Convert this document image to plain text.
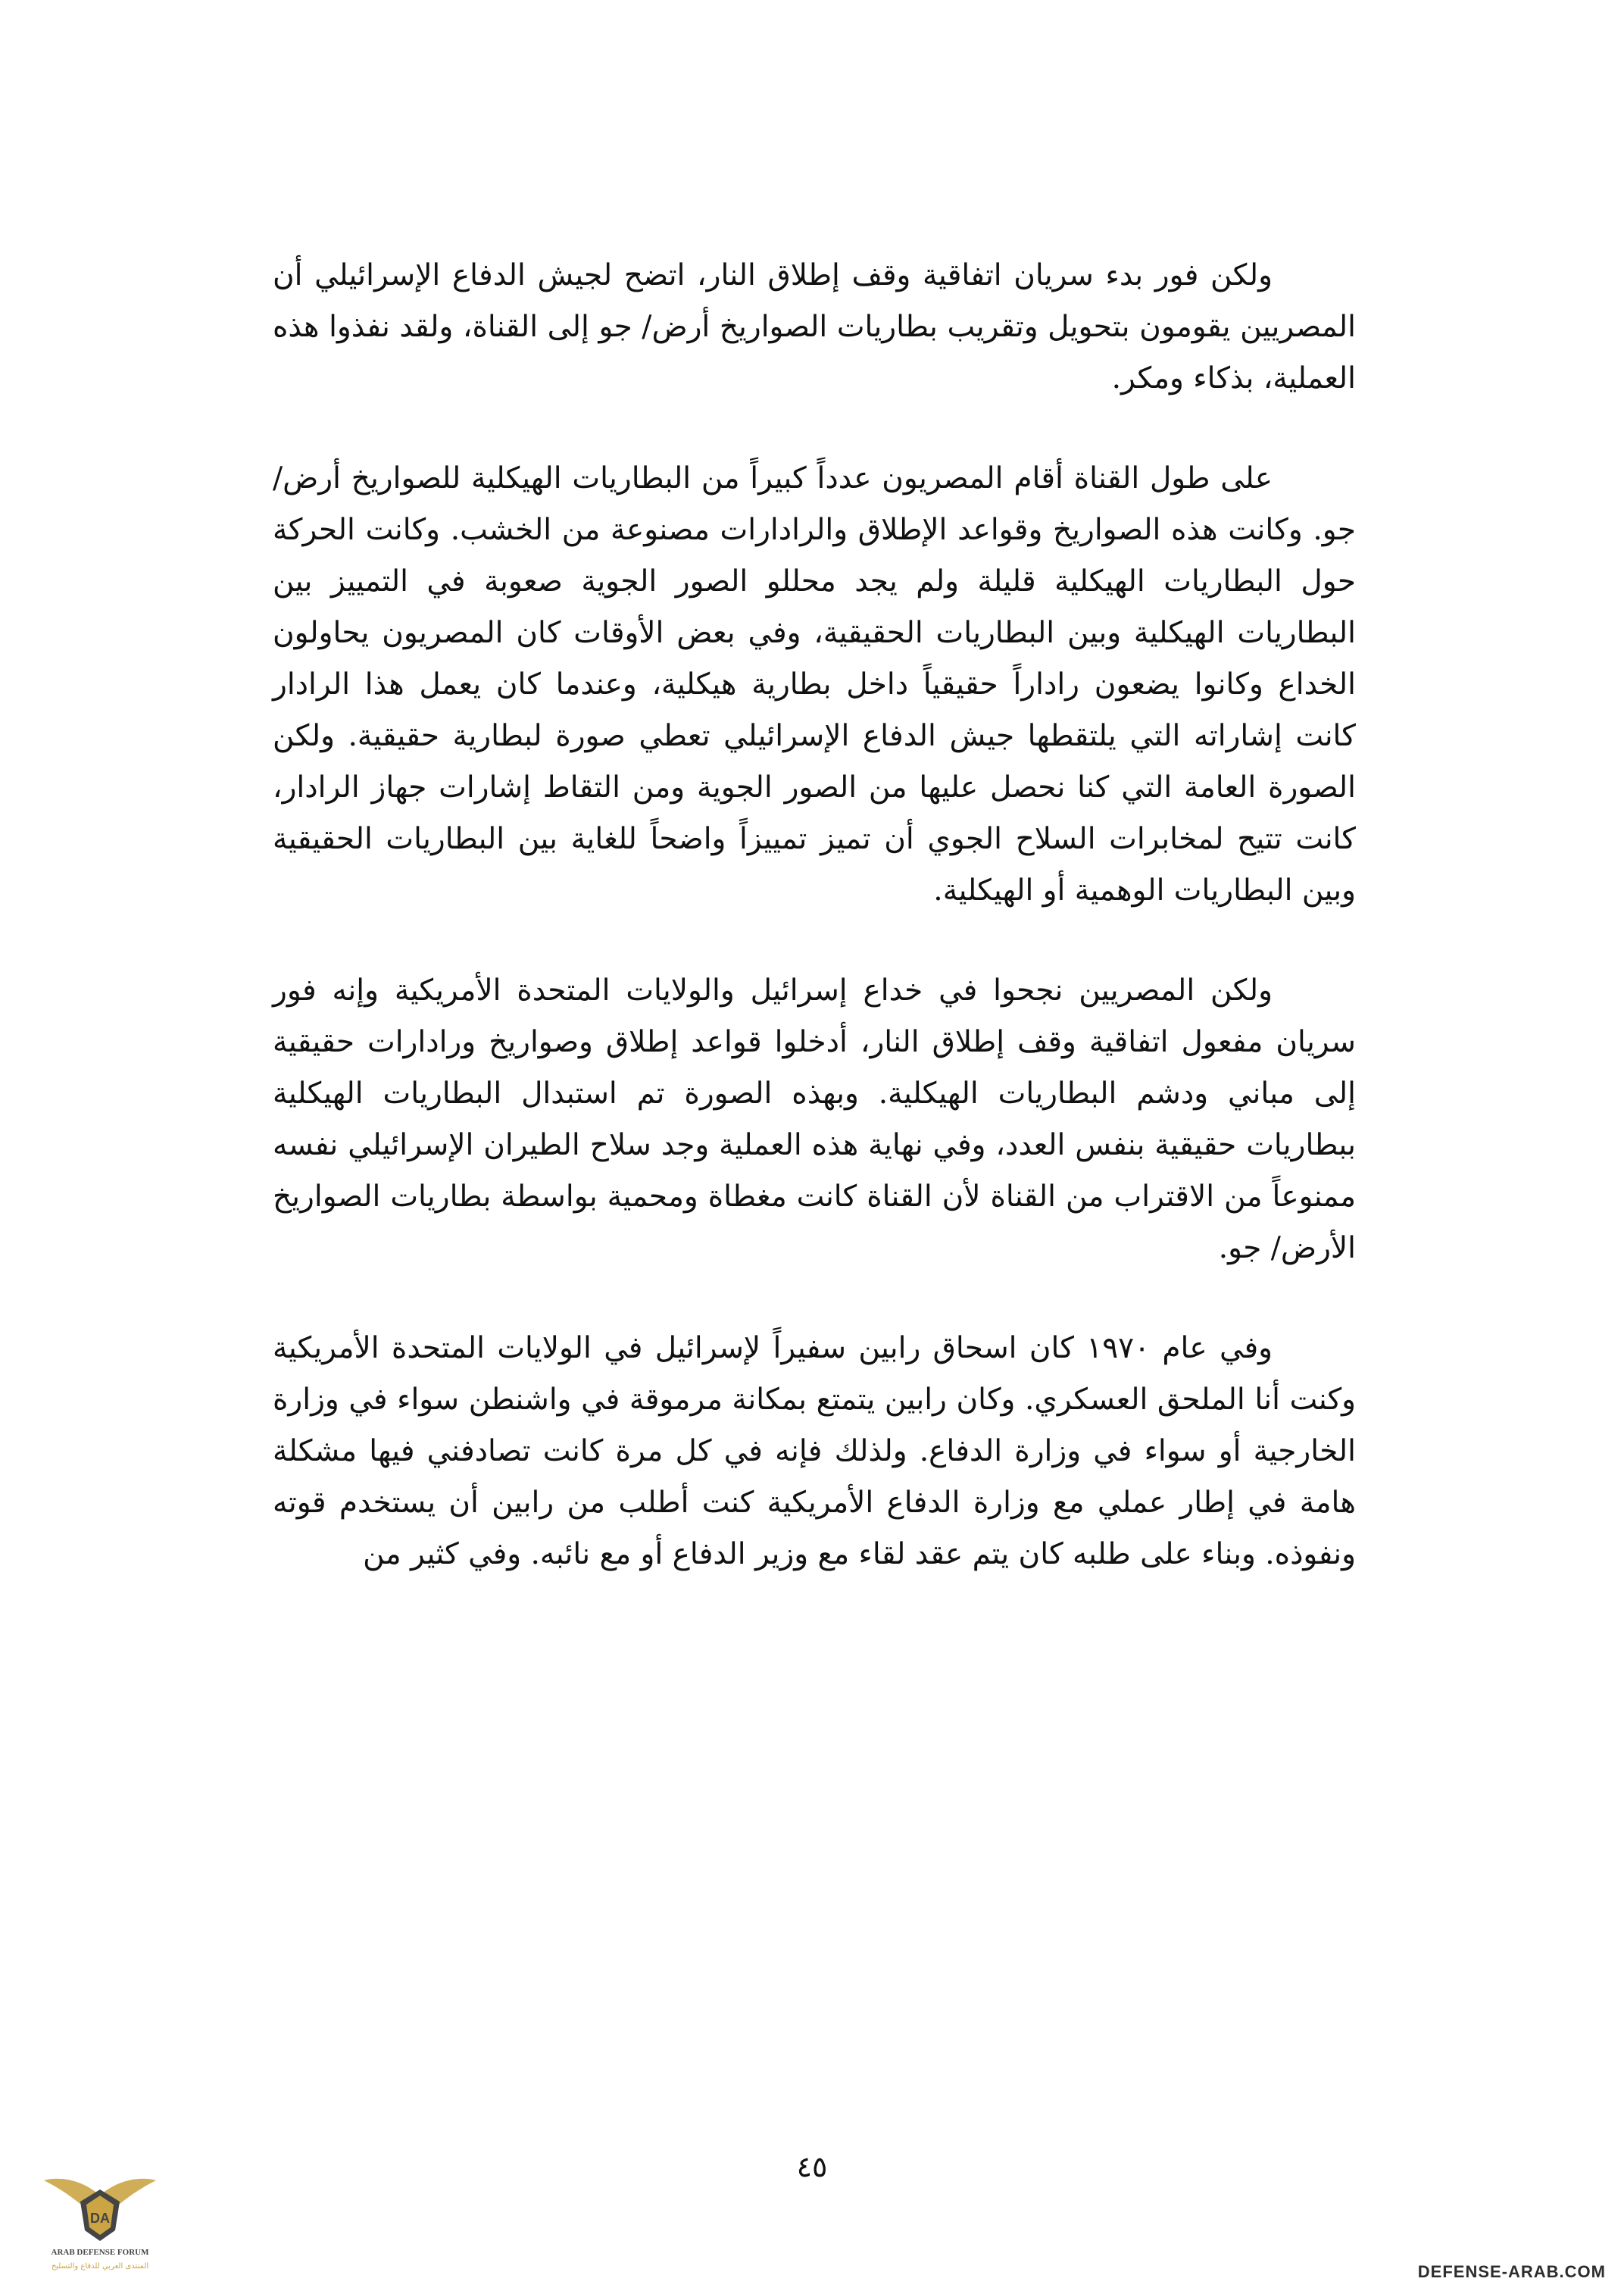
ولكن فور بدء سريان اتفاقية وقف إطلاق النار، اتضح لجيش الدفاع الإسرائيلي أن المصريين يقومون بتحويل وتقريب بطاريات الصواريخ أرض/ جو إلى القناة، ولقد نفذوا هذه العملية، بذكاء ومكر.

على طول القناة أقام المصريون عدداً كبيراً من البطاريات الهيكلية للصواريخ أرض/ جو. وكانت هذه الصواريخ وقواعد الإطلاق والرادارات مصنوعة من الخشب. وكانت الحركة حول البطاريات الهيكلية قليلة ولم يجد محللو الصور الجوية صعوبة في التمييز بين البطاريات الهيكلية وبين البطاريات الحقيقية، وفي بعض الأوقات كان المصريون يحاولون الخداع وكانوا يضعون راداراً حقيقياً داخل بطارية هيكلية، وعندما كان يعمل هذا الرادار كانت إشاراته التي يلتقطها جيش الدفاع الإسرائيلي تعطي صورة لبطارية حقيقية. ولكن الصورة العامة التي كنا نحصل عليها من الصور الجوية ومن التقاط إشارات جهاز الرادار، كانت تتيح لمخابرات السلاح الجوي أن تميز تمييزاً واضحاً للغاية بين البطاريات الحقيقية وبين البطاريات الوهمية أو الهيكلية.

ولكن المصريين نجحوا في خداع إسرائيل والولايات المتحدة الأمريكية وإنه فور سريان مفعول اتفاقية وقف إطلاق النار، أدخلوا قواعد إطلاق وصواريخ ورادارات حقيقية إلى مباني ودشم البطاريات الهيكلية. وبهذه الصورة تم استبدال البطاريات الهيكلية ببطاريات حقيقية بنفس العدد، وفي نهاية هذه العملية وجد سلاح الطيران الإسرائيلي نفسه ممنوعاً من الاقتراب من القناة لأن القناة كانت مغطاة ومحمية بواسطة بطاريات الصواريخ الأرض/ جو.

وفي عام ١٩٧٠ كان اسحاق رابين سفيراً لإسرائيل في الولايات المتحدة الأمريكية وكنت أنا الملحق العسكري. وكان رابين يتمتع بمكانة مرموقة في واشنطن سواء في وزارة الخارجية أو سواء في وزارة الدفاع. ولذلك فإنه في كل مرة كانت تصادفني فيها مشكلة هامة في إطار عملي مع وزارة الدفاع الأمريكية كنت أطلب من رابين أن يستخدم قوته ونفوذه. وبناء على طلبه كان يتم عقد لقاء مع وزير الدفاع أو مع نائبه. وفي كثير من

٤٥
DA
ARAB DEFENSE FORUM
المنتدى العربي للدفاع والتسليح	DEFENSE-ARAB.COM
